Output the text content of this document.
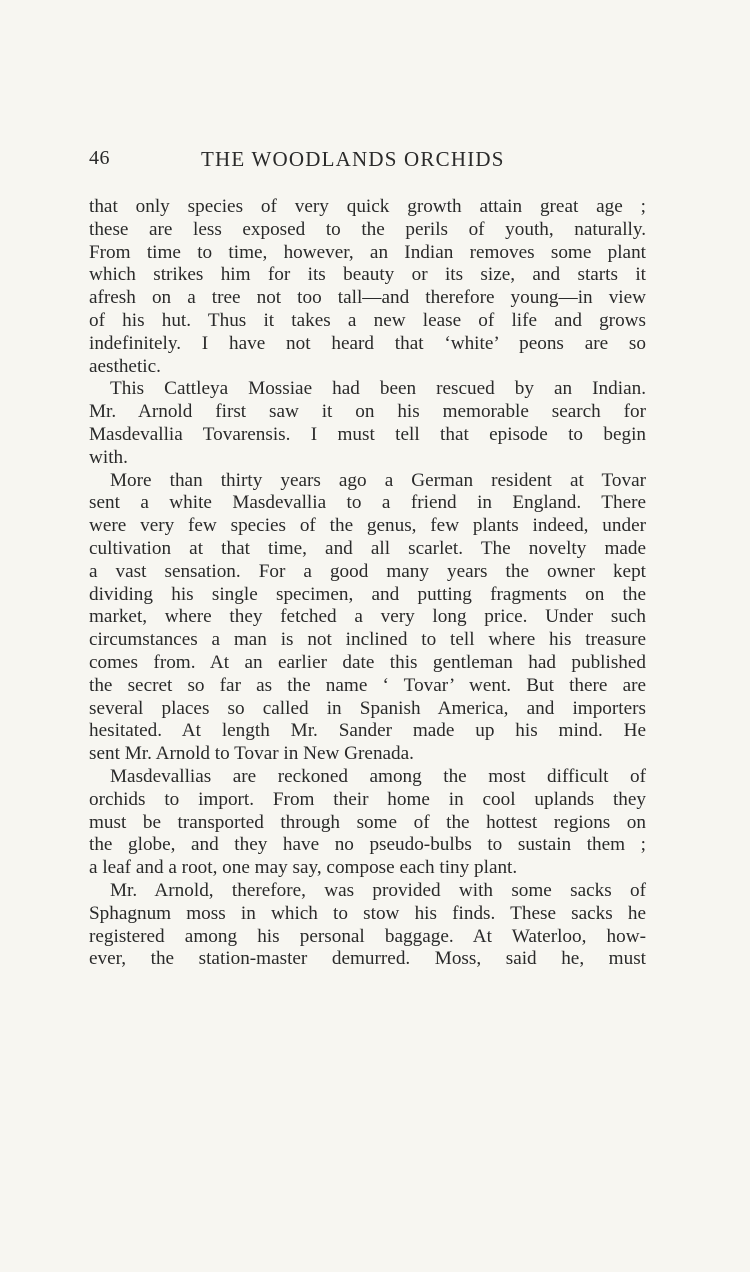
46	THE WOODLANDS ORCHIDS
that only species of very quick growth attain great age ;
these are less exposed to the perils of youth, naturally.
From time to time, however, an Indian removes some plant
which strikes him for its beauty or its size, and starts it
afresh on a tree not too tall—and therefore young—in view
of his hut. Thus it takes a new lease of life and grows
indefinitely. I have not heard that ‘white’ peons are so
aesthetic.
This Cattleya Mossiae had been rescued by an Indian.
Mr. Arnold first saw it on his memorable search for
Masdevallia Tovarensis. I must tell that episode to begin
with.
More than thirty years ago a German resident at Tovar
sent a white Masdevallia to a friend in England. There
were very few species of the genus, few plants indeed, under
cultivation at that time, and all scarlet. The novelty made
a vast sensation. For a good many years the owner kept
dividing his single specimen, and putting fragments on the
market, where they fetched a very long price. Under such
circumstances a man is not inclined to tell where his treasure
comes from. At an earlier date this gentleman had published
the secret so far as the name ‘ Tovar’ went. But there are
several places so called in Spanish America, and importers
hesitated. At length Mr. Sander made up his mind. He
sent Mr. Arnold to Tovar in New Grenada.
Masdevallias are reckoned among the most difficult of
orchids to import. From their home in cool uplands they
must be transported through some of the hottest regions on
the globe, and they have no pseudo-bulbs to sustain them ;
a leaf and a root, one may say, compose each tiny plant.
Mr. Arnold, therefore, was provided with some sacks of
Sphagnum moss in which to stow his finds. These sacks he
registered among his personal baggage. At Waterloo, how-
ever, the station-master demurred. Moss, said he, must
